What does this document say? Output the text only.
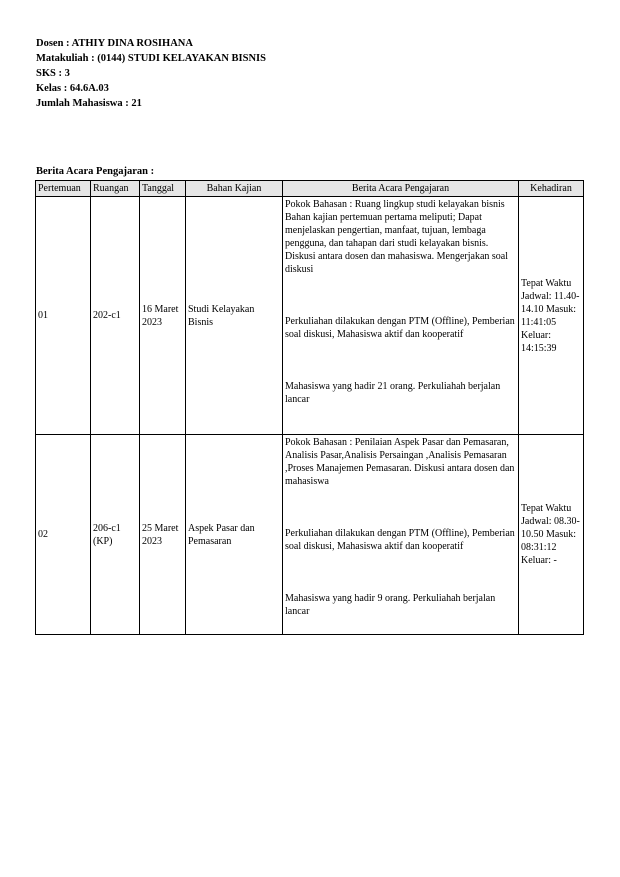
Dosen : ATHIY DINA ROSIHANA
Matakuliah : (0144) STUDI KELAYAKAN BISNIS
SKS : 3
Kelas : 64.6A.03
Jumlah Mahasiswa : 21
Berita Acara Pengajaran :
Pertemuan	Ruangan	Tanggal	Bahan Kajian	Berita Acara Pengajaran	Kehadiran
01	202-c1	16 Maret 2023	Studi Kelayakan Bisnis	Pokok Bahasan : Ruang lingkup studi kelayakan bisnis Bahan kajian pertemuan pertama meliputi; Dapat menjelaskan pengertian, manfaat, tujuan, lembaga pengguna, dan tahapan dari studi kelayakan bisnis. Diskusi antara dosen dan mahasiswa. Mengerjakan soal diskusi
Perkuliahan dilakukan dengan PTM (Offline), Pemberian soal diskusi, Mahasiswa aktif dan kooperatif
Mahasiswa yang hadir 21 orang. Perkuliahah berjalan lancar	Tepat Waktu Jadwal: 11.40-14.10 Masuk: 11:41:05 Keluar: 14:15:39
02	206-c1 (KP)	25 Maret 2023	Aspek Pasar dan Pemasaran	Pokok Bahasan : Penilaian Aspek Pasar dan Pemasaran, Analisis Pasar,Analisis Persaingan ,Analisis Pemasaran ,Proses Manajemen Pemasaran. Diskusi antara dosen dan mahasiswa
Perkuliahan dilakukan dengan PTM (Offline), Pemberian soal diskusi, Mahasiswa aktif dan kooperatif
Mahasiswa yang hadir 9 orang. Perkuliahah berjalan lancar	Tepat Waktu Jadwal: 08.30-10.50 Masuk: 08:31:12 Keluar: -
